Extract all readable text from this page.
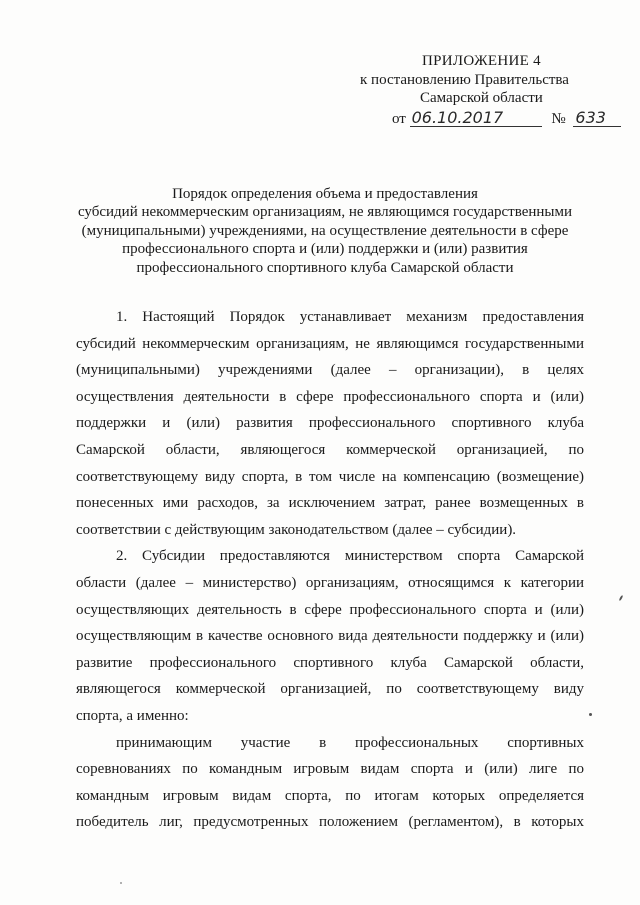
ПРИЛОЖЕНИЕ 4
к постановлению Правительства
Самарской области
от 06.10.2017	№ 633
Порядок определения объема и предоставления
субсидий некоммерческим организациям, не являющимся государственными
(муниципальными) учреждениями, на осуществление деятельности в сфере
профессионального спорта и (или) поддержки и (или) развития
профессионального спортивного клуба Самарской области
1. Настоящий Порядок устанавливает механизм предоставления
субсидий некоммерческим организациям, не являющимся государственными
(муниципальными) учреждениями (далее – организации), в целях
осуществления деятельности в сфере профессионального спорта и (или)
поддержки и (или) развития профессионального спортивного клуба
Самарской области, являющегося коммерческой организацией, по
соответствующему виду спорта, в том числе на компенсацию (возмещение)
понесенных ими расходов, за исключением затрат, ранее возмещенных в
соответствии с действующим законодательством (далее – субсидии).
2. Субсидии предоставляются министерством спорта Самарской
области (далее – министерство) организациям, относящимся к категории
осуществляющих деятельность в сфере профессионального спорта и (или)
осуществляющим в качестве основного вида деятельности поддержку и (или)
развитие профессионального спортивного клуба Самарской области,
являющегося коммерческой организацией, по соответствующему виду
спорта, а именно:
принимающим участие в профессиональных спортивных
соревнованиях по командным игровым видам спорта и (или) лиге по
командным игровым видам спорта, по итогам которых определяется
победитель лиг, предусмотренных положением (регламентом), в которых
